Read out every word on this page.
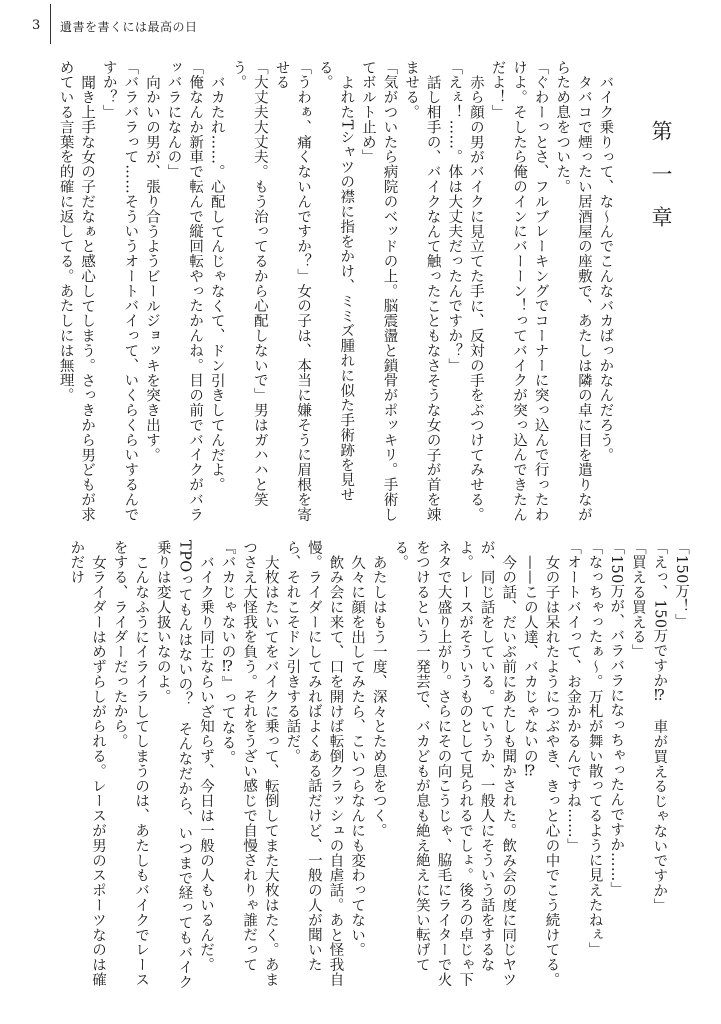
3 遺書を書くには最高の日
第一章

バイク乗りって、な〜んでこんなバカばっかなんだろう。

タバコで煙ったい居酒屋の座敷で、あたしは隣の卓に目を遣りながらため息をついた。

「ぐわーっとさ、フルブレーキングでコーナーに突っ込んで行ったわけよ。そしたら俺のインにバーーン！ってバイクが突っ込んできたんだよ！」

赤ら顔の男がバイクに見立てた手に、反対の手をぶつけてみせる。

「えぇ！……。体は大丈夫だったんですか？」

話し相手の、バイクなんて触ったこともなさそうな女の子が首を竦ませる。

「気がついたら病院のベッドの上。脳震盪と鎖骨がポッキリ。手術してボルト止め」

よれたTシャツの襟に指をかけ、ミミズ腫れに似た手術跡を見せる。

「うわぁ、痛くないんですか？」女の子は、本当に嫌そうに眉根を寄せる

「大丈夫大丈夫。もう治ってるから心配しないで」男はガハハと笑う。

バカたれ……。心配してんじゃなくて、ドン引きしてんだよ。

「俺なんか新車で転んで縦回転やったかんね。目の前でバイクがバラッバラになんの」

向かいの男が、張り合うようビールジョッキを突き出す。

「バラバラって……そういうオートバイって、いくらくらいするんですか？」

聞き上手な女の子だなぁと感心してしまう。さっきから男どもが求めている言葉を的確に返してる。あたしには無理。

「150万！」

「えっ、150万ですか⁉　車が買えるじゃないですか」

「買える買える」

「150万が、バラバラになっちゃったんですか……」

「なっちゃったぁ〜。万札が舞い散ってるように見えたねぇ」

「オートバイって、お金かかるんですね……」

女の子は呆れたようにつぶやき、きっと心の中でこう続けてる。

——この人達、バカじゃないの⁉

今の話、だいぶ前にあたしも聞かされた。飲み会の度に同じヤツが、同じ話をしている。ていうか、一般人にそういう話をするなよ。レースがそういうものとして見られるでしょ。後ろの卓じゃ下ネタで大盛り上がり。さらにその向こうじゃ、脇毛にライターで火をつけるという一発芸で、バカどもが息も絶え絶えに笑い転げてる。

あたしはもう一度、深々とため息をつく。

久々に顔を出してみたら、こいつらなんにも変わってない。

飲み会に来て、口を開けば転倒クラッシュの自虐話。あと怪我自慢。ライダーにしてみればよくある話だけど、一般の人が聞いたら、それこそドン引きする話だ。

大枚はたいてをバイクに乗って、転倒してまた大枚はたく。あまつさえ大怪我を負う。それをうざい感じで自慢されりゃ誰だって『バカじゃないの⁉』ってなる。

バイク乗り同士ならいざ知らず、今日は一般の人もいるんだ。TPOってもんはないの？　そんなだから、いつまで経ってもバイク乗りは変人扱いなのよ。

こんなふうにイライラしてしまうのは、あたしもバイクでレースをする、ライダーだったから。

女ライダーはめずらしがられる。レースが男のスポーツなのは確かだけ
